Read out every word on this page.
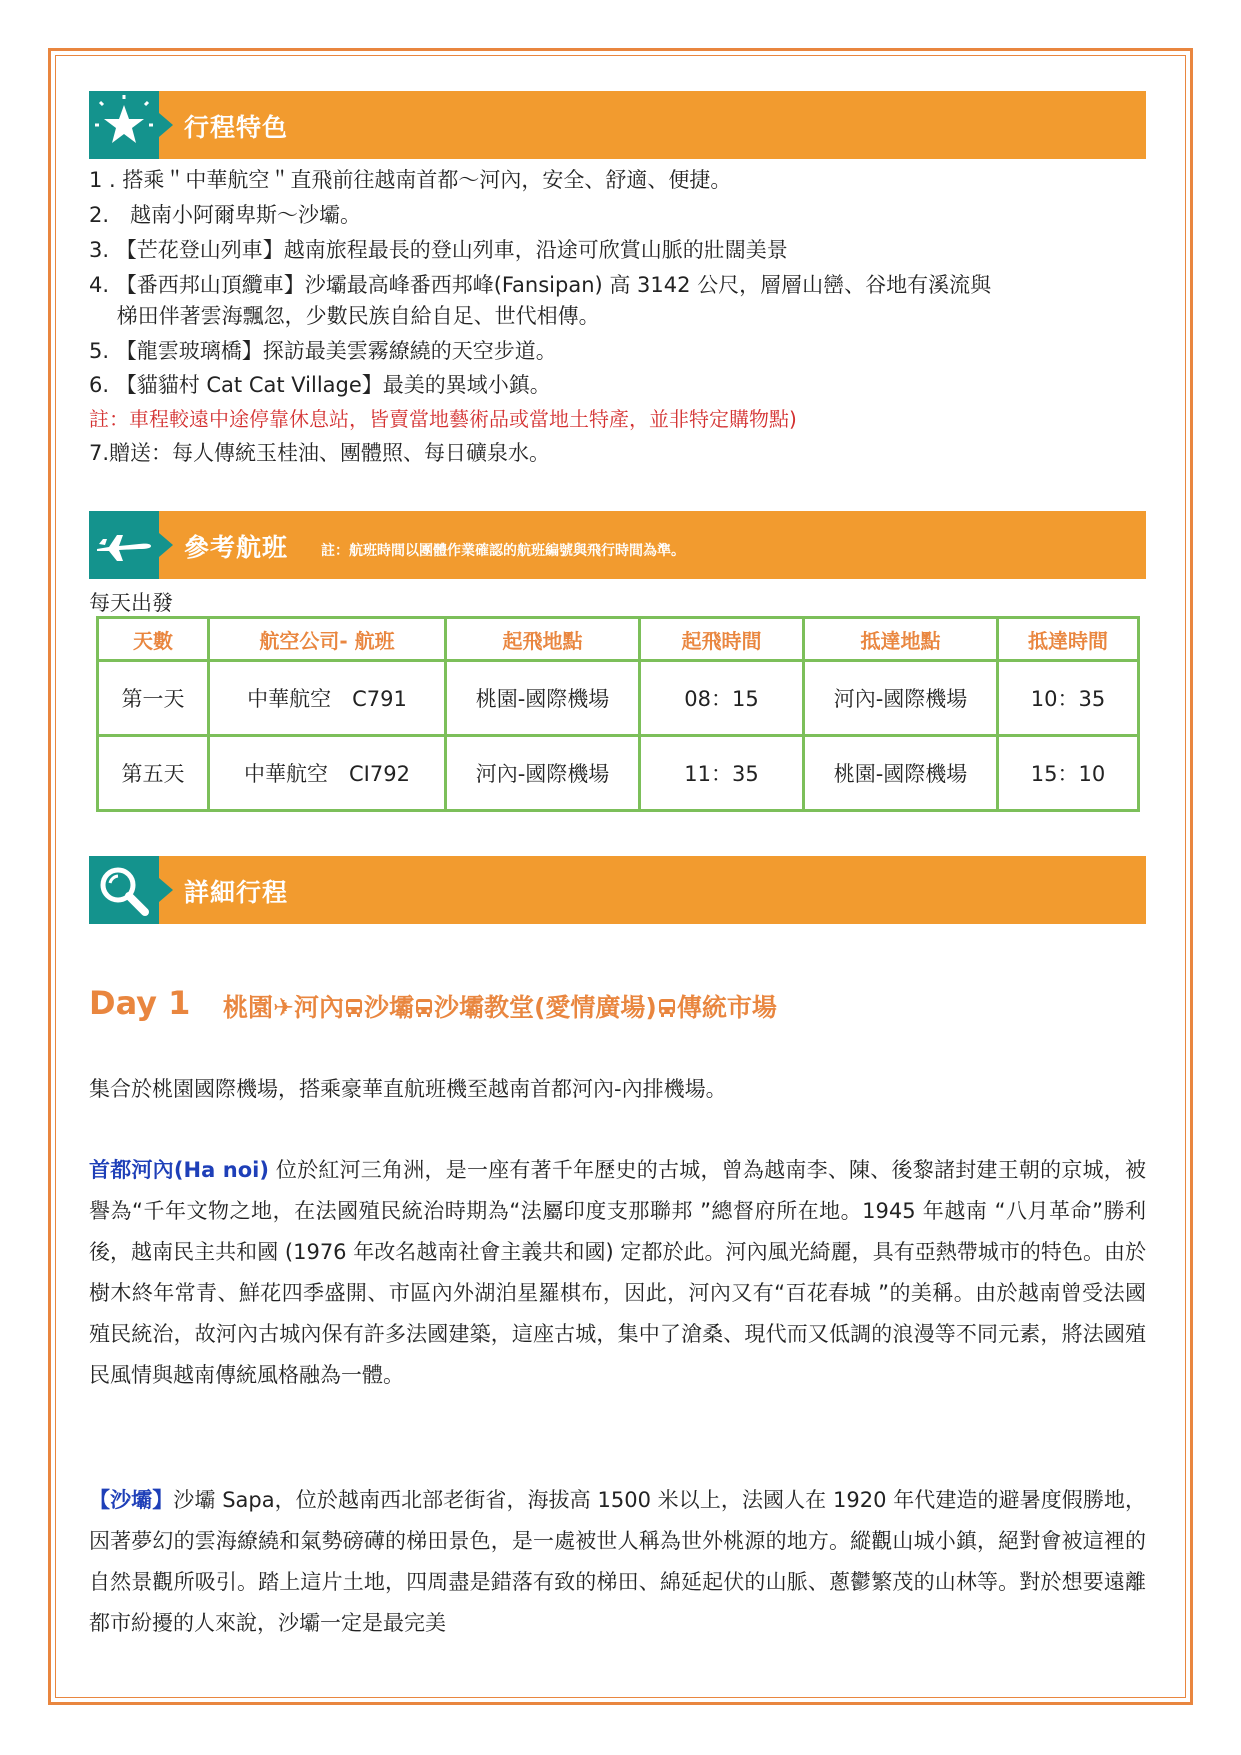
行程特色
1 . 搭乘＂中華航空＂直飛前往越南首都～河內，安全、舒適、便捷。
2.　越南小阿爾卑斯～沙壩。
3. 【芒花登山列車】越南旅程最長的登山列車，沿途可欣賞山脈的壯闊美景
4. 【番西邦山頂纜車】沙壩最高峰番西邦峰(Fansipan) 高 3142 公尺，層層山巒、谷地有溪流與
　 梯田伴著雲海飄忽，少數民族自給自足、世代相傳。
5. 【龍雲玻璃橋】探訪最美雲霧繚繞的天空步道。
6. 【貓貓村 Cat Cat Village】最美的異域小鎮。
註：車程較遠中途停靠休息站，皆賣當地藝術品或當地土特產，並非特定購物點)
7.贈送：每人傳統玉桂油、團體照、每日礦泉水。
參考航班 註：航班時間以團體作業確認的航班編號與飛行時間為準。
每天出發
天數	航空公司- 航班	起飛地點	起飛時間	抵達地點	抵達時間
第一天	中華航空　C791	桃園-國際機場	08：15	河內-國際機場	10：35
第五天	中華航空　CI792	河內-國際機場	11：35	桃園-國際機場	15：10
詳細行程
Day 1 桃園✈河內 沙壩 沙壩教堂(愛情廣場) 傳統市場
集合於桃園國際機場，搭乘豪華直航班機至越南首都河內-內排機場。
首都河內(Ha noi) 位於紅河三角洲，是一座有著千年歷史的古城，曾為越南李、陳、後黎諸封建王朝的京城，被譽為“千年文物之地，在法國殖民統治時期為“法屬印度支那聯邦 ”總督府所在地。1945 年越南 “八月革命”勝利後，越南民主共和國 (1976 年改名越南社會主義共和國) 定都於此。河內風光綺麗，具有亞熱帶城市的特色。由於樹木終年常青、鮮花四季盛開、市區內外湖泊星羅棋布，因此，河內又有“百花春城 ”的美稱。由於越南曾受法國殖民統治，故河內古城內保有許多法國建築，這座古城，集中了滄桑、現代而又低調的浪漫等不同元素，將法國殖民風情與越南傳統風格融為一體。
【沙壩】沙壩 Sapa，位於越南西北部老街省，海拔高 1500 米以上，法國人在 1920 年代建造的避暑度假勝地，因著夢幻的雲海繚繞和氣勢磅礡的梯田景色，是一處被世人稱為世外桃源的地方。縱觀山城小鎮，絕對會被這裡的自然景觀所吸引。踏上這片土地，四周盡是錯落有致的梯田、綿延起伏的山脈、蔥鬱繁茂的山林等。對於想要遠離都市紛擾的人來說，沙壩一定是最完美
